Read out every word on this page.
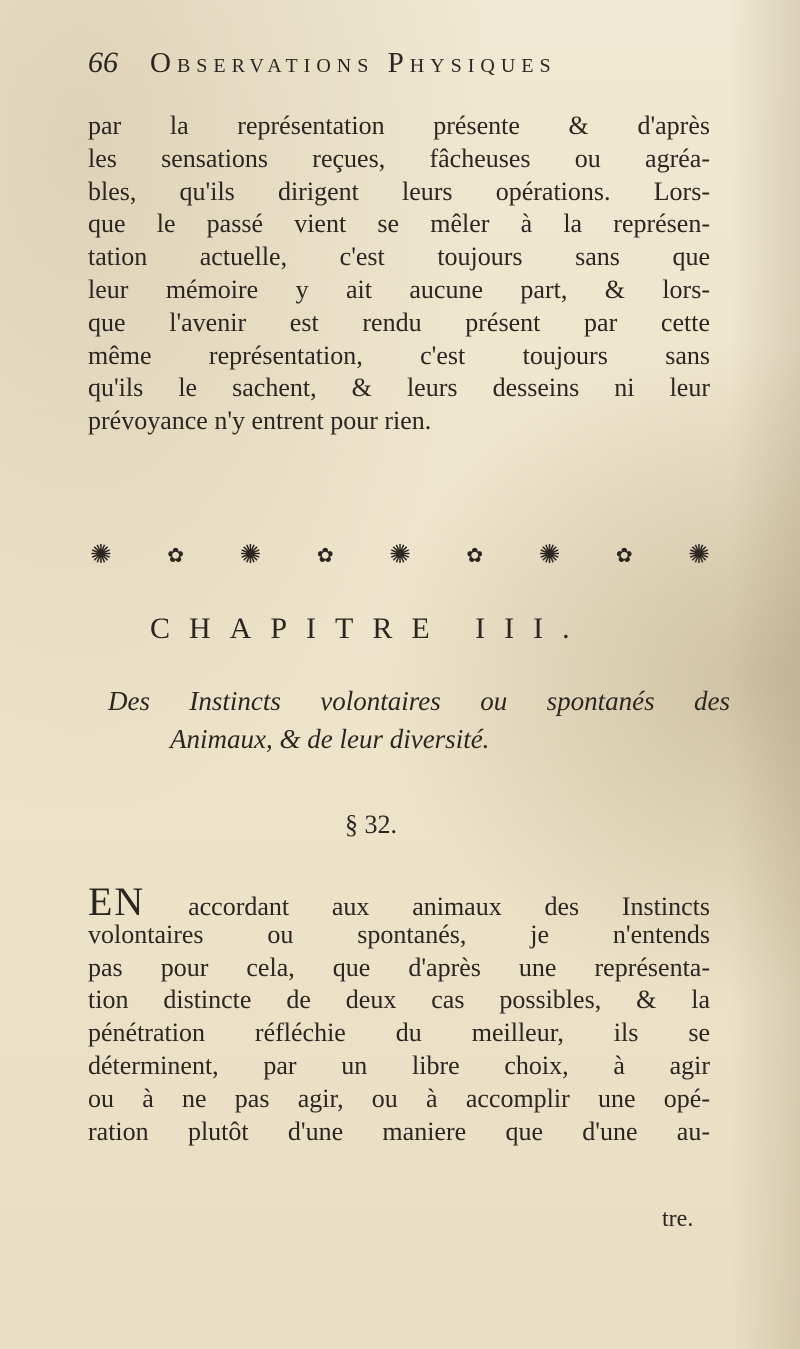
66	Observations Physiques

par la représentation présente & d'après
les sensations reçues, fâcheuses ou agréa-
bles, qu'ils dirigent leurs opérations. Lors-
que le passé vient se mêler à la représen-
tation actuelle, c'est toujours sans que
leur mémoire y ait aucune part, & lors-
que l'avenir est rendu présent par cette
même représentation, c'est toujours sans
qu'ils le sachent, & leurs desseins ni leur
prévoyance n'y entrent pour rien.

✺	✿ ✺	✿ ✺	✿ ✺	✿ ✺
CHAPITRE III.
Des Instincts volontaires ou spontanés des
Animaux, & de leur diversité.
§ 32.

EN accordant aux animaux des Instincts
volontaires ou spontanés, je n'entends
pas pour cela, que d'après une représenta-
tion distincte de deux cas possibles, & la
pénétration réfléchie du meilleur, ils se
déterminent, par un libre choix, à agir
ou à ne pas agir, ou à accomplir une opé-
ration plutôt d'une maniere que d'une au-

tre.
